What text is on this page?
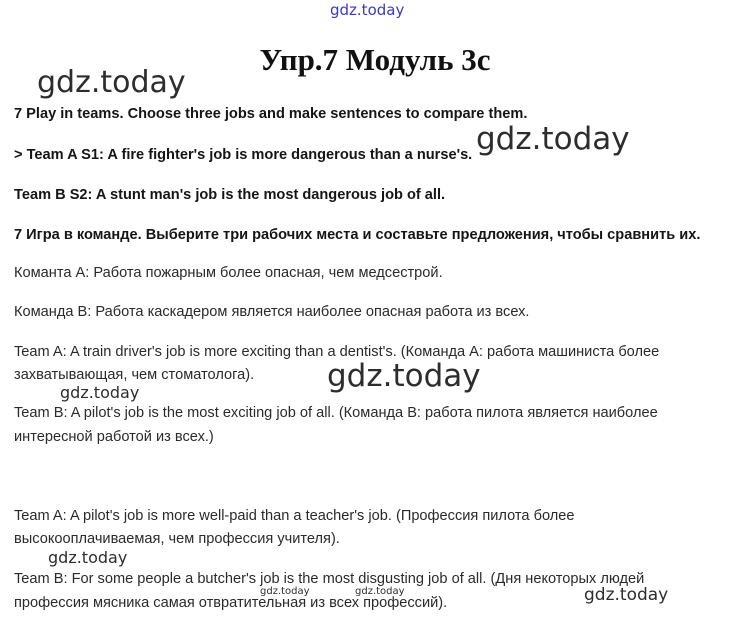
gdz.today
Упр.7 Модуль 3с
gdz.today
7 Play in teams. Choose three jobs and make sentences to compare them.
gdz.today
> Team A S1: A fire fighter's job is more dangerous than a nurse's.
Team B S2: A stunt man's job is the most dangerous job of all.
7 Игра в команде. Выберите три рабочих места и составьте предложения, чтобы сравнить их.
Команта А: Работа пожарным более опасная, чем медсестрой.
Команда В: Работа каскадером является наиболее опасная работа из всех.
Team A: A train driver's job is more exciting than a dentist's. (Команда А: работа машиниста более
захватывающая, чем стоматолога). gdz.today
gdz.today
Team B: A pilot's job is the most exciting job of all. (Команда В: работа пилота является наиболее
интересной работой из всех.)
Team A: A pilot's job is more well-paid than a teacher's job. (Профессия пилота более
высокооплачиваемая, чем профессия учителя).
gdz.today
Team B: For some people a butcher's job is the most disgusting job of all. (Дня некоторых людей
профессия мясника самая отвратительная из всех профессий).
gdz.today	gdz.today	gdz.today
